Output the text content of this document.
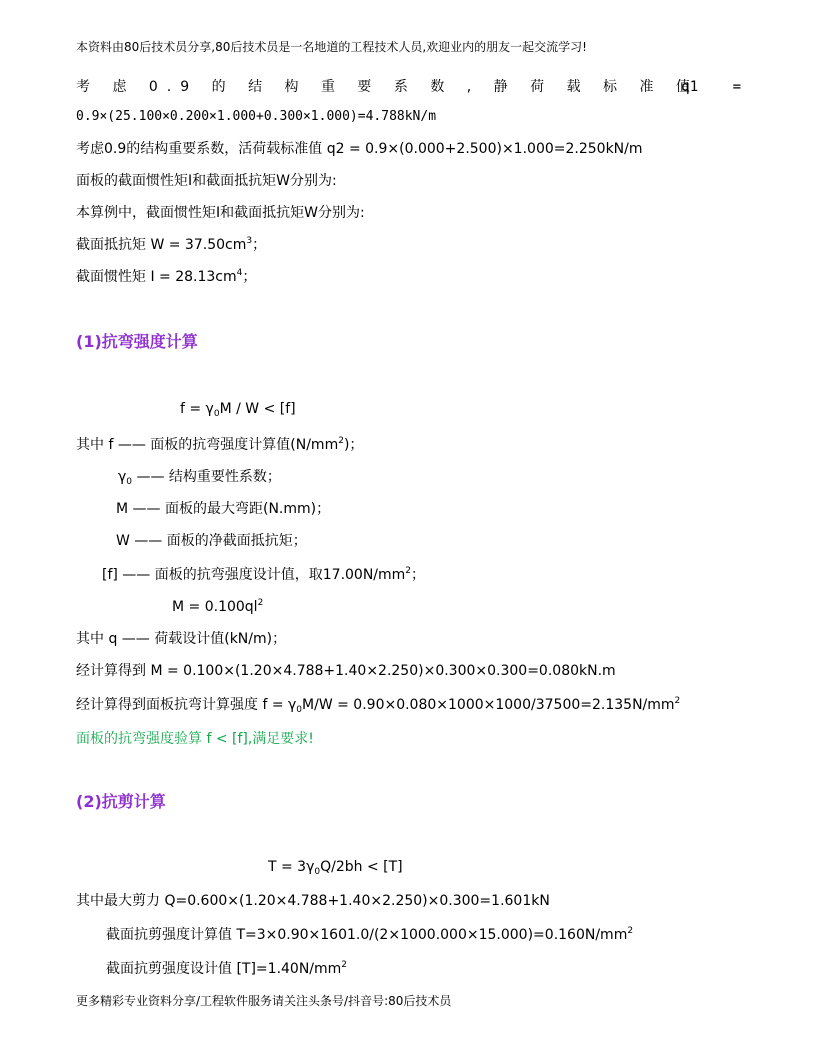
本资料由80后技术员分享,80后技术员是一名地道的工程技术人员,欢迎业内的朋友一起交流学习!
考 虑 0.9 的 结 构 重 要 系 数 , 静 荷 载 标 准 值
q1 =
0.9×(25.100×0.200×1.000+0.300×1.000)=4.788kN/m
考虑0.9的结构重要系数，活荷载标准值 q2 = 0.9×(0.000+2.500)×1.000=2.250kN/m
面板的截面惯性矩I和截面抵抗矩W分别为:
本算例中，截面惯性矩I和截面抵抗矩W分别为:
截面抵抗矩 $W = 37.50cm^3$；
截面惯性矩 $I = 28.13cm^4$；
(1)抗弯强度计算
$f = \gamma_0M / W < [f]$
其中 f —— 面板的抗弯强度计算值$(N/mm^2)$；
$\gamma_0$ —— 结构重要性系数；
M —— 面板的最大弯距(N.mm)；
W —— 面板的净截面抵抗矩；
[f] —— 面板的抗弯强度设计值，取$17.00N/mm^2$；
$M = 0.100ql^2$
其中 q —— 荷载设计值(kN/m)；
经计算得到 M = 0.100×(1.20×4.788+1.40×2.250)×0.300×0.300=0.080kN.m
经计算得到面板抗弯计算强度 $f = \gamma_0M/W = 0.90\times 0.080\times 1000\times 1000/37500=2.135N/mm^2$
面板的抗弯强度验算 f < [f],满足要求!
(2)抗剪计算
$T = 3\gamma_0Q/2bh < [T]$
其中最大剪力 Q=0.600×(1.20×4.788+1.40×2.250)×0.300=1.601kN
截面抗剪强度计算值 $T=3\times 0.90\times 1601.0/(2\times 1000.000\times 15.000)=0.160N/mm^2$
截面抗剪强度设计值 $[T]=1.40N/mm^2$
更多精彩专业资料分享/工程软件服务请关注头条号/抖音号:80后技术员
